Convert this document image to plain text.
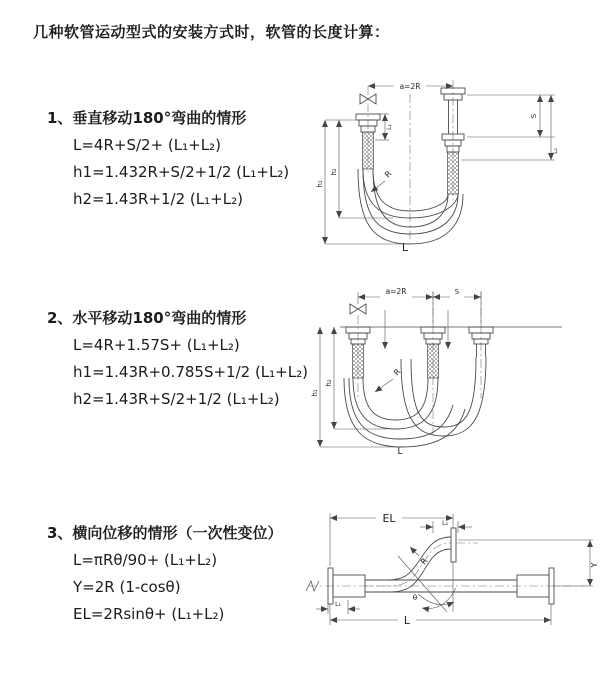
几种软管运动型式的安装方式时，软管的长度计算：
1、垂直移动180°弯曲的情形
L=4R+S/2+ (L₁+L₂)
h1=1.432R+S/2+1/2 (L₁+L₂)
h2=1.43R+1/2 (L₁+L₂)
2、水平移动180°弯曲的情形
L=4R+1.57S+ (L₁+L₂)
h1=1.43R+0.785S+1/2 (L₁+L₂)
h2=1.43R+S/2+1/2 (L₁+L₂)
3、横向位移的情形（一次性变位）
L=πRθ/90+ (L₁+L₂)
Y=2R (1-cosθ)
EL=2Rsinθ+ (L₁+L₂)
a=2R
h₁
h₂
L₁
S
L₂
R
L
a=2R	S
h₁
h₂
R
L
EL	L₂
Y
R
θ
L₁
L
